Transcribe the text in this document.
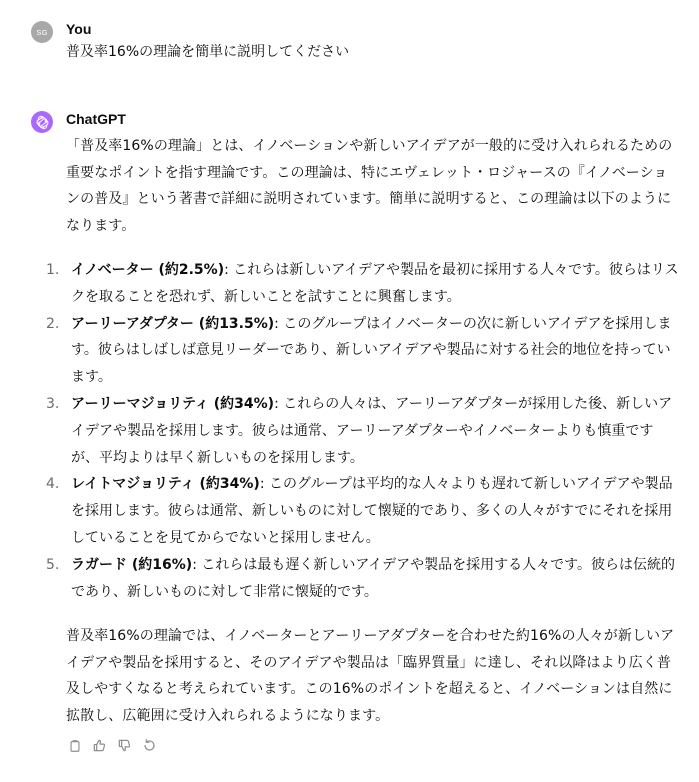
SG You
普及率16%の理論を簡単に説明してください
ChatGPT

「普及率16%の理論」とは、イノベーションや新しいアイデアが一般的に受け入れられるための重要なポイントを指す理論です。この理論は、特にエヴェレット・ロジャースの『イノベーションの普及』という著書で詳細に説明されています。簡単に説明すると、この理論は以下のようになります。

1. イノベーター (約2.5%): これらは新しいアイデアや製品を最初に採用する人々です。彼らはリスクを取ることを恐れず、新しいことを試すことに興奮します。
2. アーリーアダプター (約13.5%): このグループはイノベーターの次に新しいアイデアを採用します。彼らはしばしば意見リーダーであり、新しいアイデアや製品に対する社会的地位を持っています。
3. アーリーマジョリティ (約34%): これらの人々は、アーリーアダプターが採用した後、新しいアイデアや製品を採用します。彼らは通常、アーリーアダプターやイノベーターよりも慎重ですが、平均よりは早く新しいものを採用します。
4. レイトマジョリティ (約34%): このグループは平均的な人々よりも遅れて新しいアイデアや製品を採用します。彼らは通常、新しいものに対して懐疑的であり、多くの人々がすでにそれを採用していることを見てからでないと採用しません。
5. ラガード (約16%): これらは最も遅く新しいアイデアや製品を採用する人々です。彼らは伝統的であり、新しいものに対して非常に懐疑的です。

普及率16%の理論では、イノベーターとアーリーアダプターを合わせた約16%の人々が新しいアイデアや製品を採用すると、そのアイデアや製品は「臨界質量」に達し、それ以降はより広く普及しやすくなると考えられています。この16%のポイントを超えると、イノベーションは自然に拡散し、広範囲に受け入れられるようになります。
